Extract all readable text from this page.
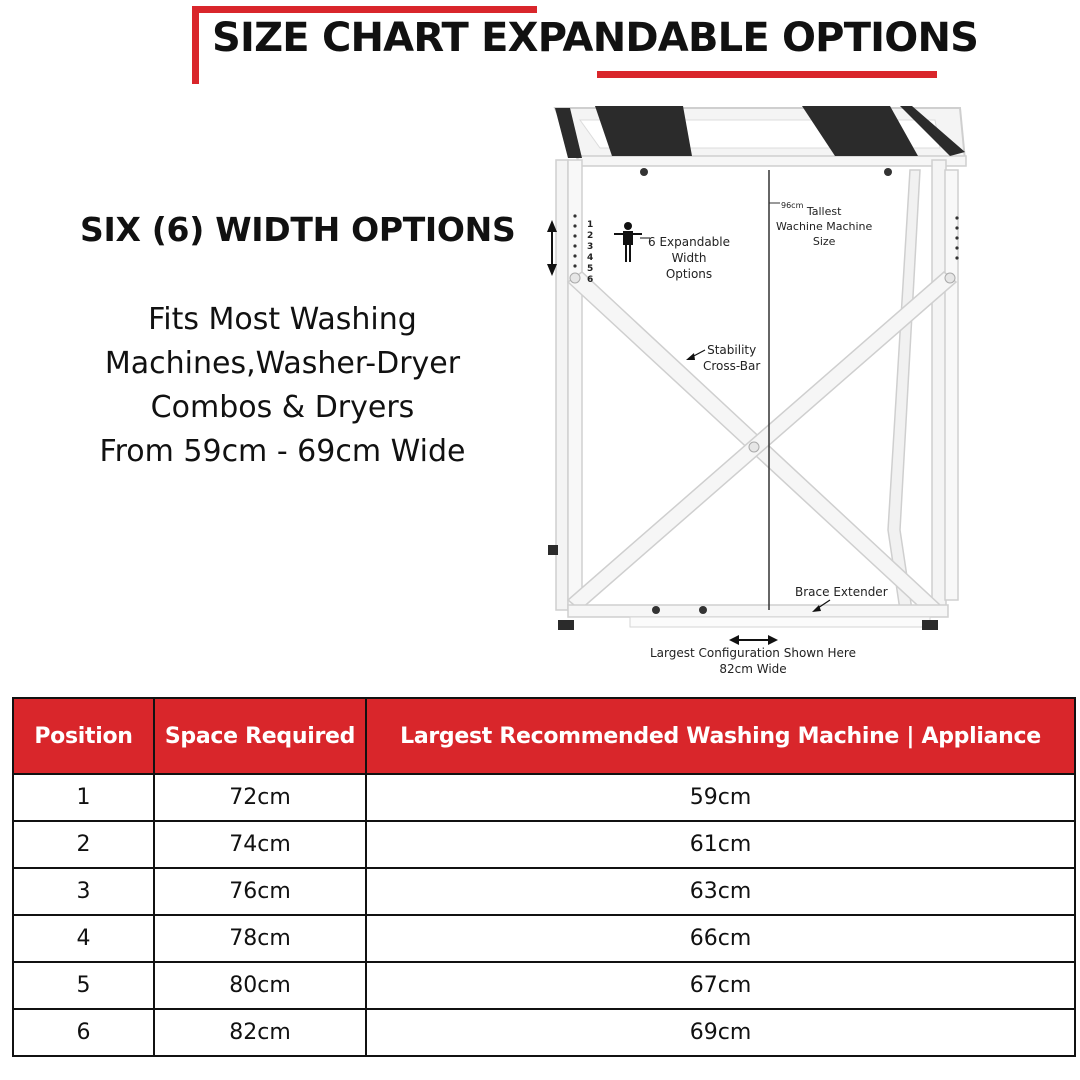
SIZE CHART EXPANDABLE OPTIONS
SIX (6) WIDTH OPTIONS
Fits Most Washing
Machines,Washer-Dryer
Combos & Dryers
From 59cm - 69cm Wide
1
2
3
4
5
6
6 Expandable
Width
Options
96cm Tallest
Wachine Machine
Size
Stability
Cross-Bar
Brace Extender
Largest Configuration Shown Here
82cm Wide
Position	Space Required	Largest Recommended Washing Machine | Appliance
1	72cm	59cm
2	74cm	61cm
3	76cm	63cm
4	78cm	66cm
5	80cm	67cm
6	82cm	69cm
